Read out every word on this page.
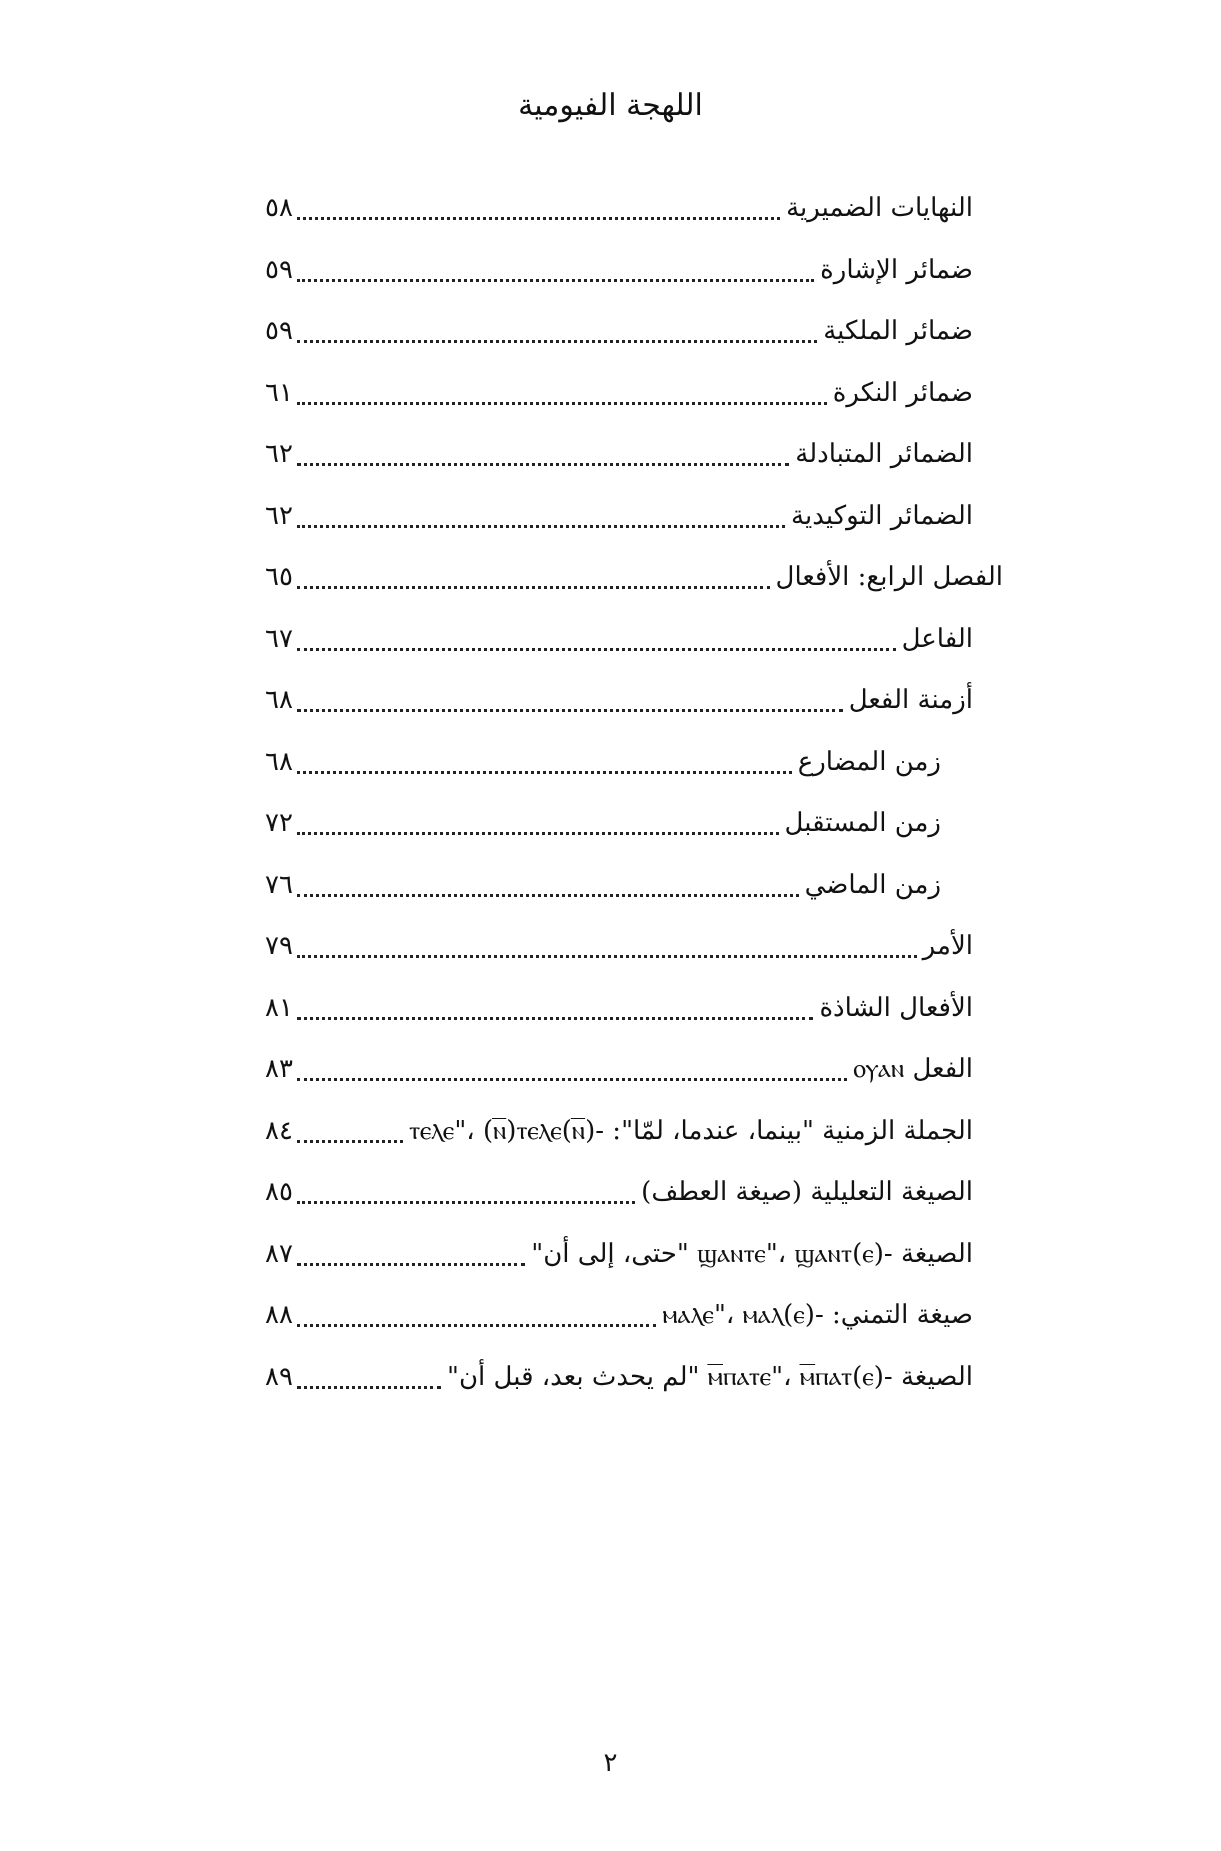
اللهجة الفيومية
النهايات الضميرية
٥٨
ضمائر الإشارة
٥٩
ضمائر الملكية
٥٩
ضمائر النكرة
٦١
الضمائر المتبادلة
٦٢
الضمائر التوكيدية
٦٢
الفصل الرابع: الأفعال
٦٥
الفاعل
٦٧
أزمنة الفعل
٦٨
زمن المضارع
٦٨
زمن المستقبل
٧٢
زمن الماضي
٧٦
الأمر
٧٩
الأفعال الشاذة
٨١
الفعل ⲟⲩⲁⲛ
٨٣
الجملة الزمنية "بينما، عندما، لمّا": -(ⲛ̅)ⲧⲉⲗⲉ"، (ⲛ̅)ⲧⲉⲗⲉ
٨٤
الصيغة التعليلية (صيغة العطف)
٨٥
الصيغة -ϣⲁⲛⲧⲉ"، ϣⲁⲛⲧ(ⲉ) "حتى، إلى أن"
٨٧
صيغة التمني: -ⲙⲁⲗⲉ"، ⲙⲁⲗ(ⲉ)
٨٨
الصيغة -ⲙ̅ⲡⲁⲧⲉ"، ⲙ̅ⲡⲁⲧ(ⲉ) "لم يحدث بعد، قبل أن"
٨٩
٢
